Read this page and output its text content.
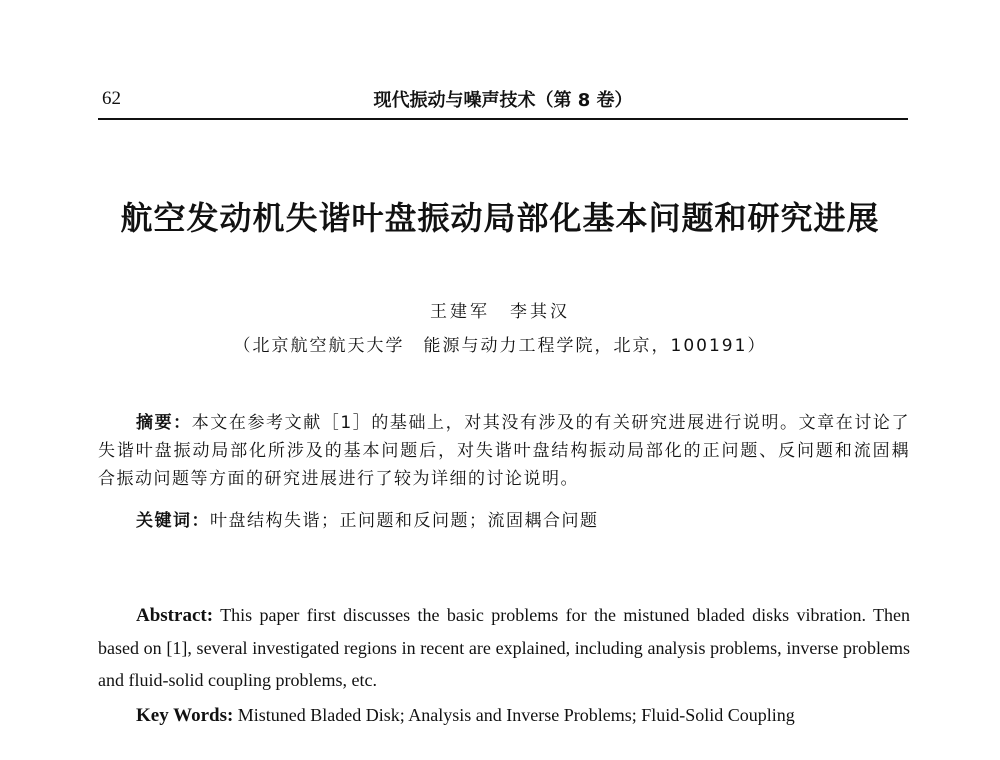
62	现代振动与噪声技术（第 8 卷）
航空发动机失谐叶盘振动局部化基本问题和研究进展
王建军　李其汉
（北京航空航天大学　能源与动力工程学院，北京，100191）
摘要：本文在参考文献［1］的基础上，对其没有涉及的有关研究进展进行说明。文章在讨论了失谐叶盘振动局部化所涉及的基本问题后，对失谐叶盘结构振动局部化的正问题、反问题和流固耦合振动问题等方面的研究进展进行了较为详细的讨论说明。
关键词：叶盘结构失谐；正问题和反问题；流固耦合问题
Abstract: This paper first discusses the basic problems for the mistuned bladed disks vibration. Then based on [1], several investigated regions in recent are explained, including analysis problems, inverse problems and fluid-solid coupling problems, etc.
Key Words: Mistuned Bladed Disk; Analysis and Inverse Problems; Fluid-Solid Coupling
